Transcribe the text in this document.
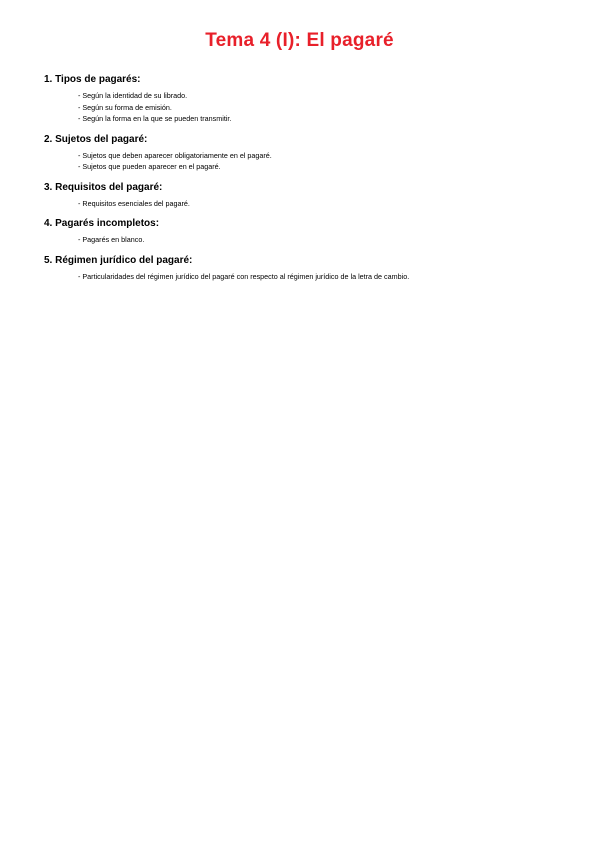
Tema 4 (I): El pagaré
1. Tipos de pagarés:
- Según la identidad de su librado.
- Según su forma de emisión.
- Según la forma en la que se pueden transmitir.
2. Sujetos del pagaré:
- Sujetos que deben aparecer obligatoriamente en el pagaré.
- Sujetos que pueden aparecer en el pagaré.
3. Requisitos del pagaré:
- Requisitos esenciales del pagaré.
4. Pagarés incompletos:
- Pagarés en blanco.
5. Régimen jurídico del pagaré:
- Particularidades del régimen jurídico del pagaré con respecto al régimen jurídico de la letra de cambio.
